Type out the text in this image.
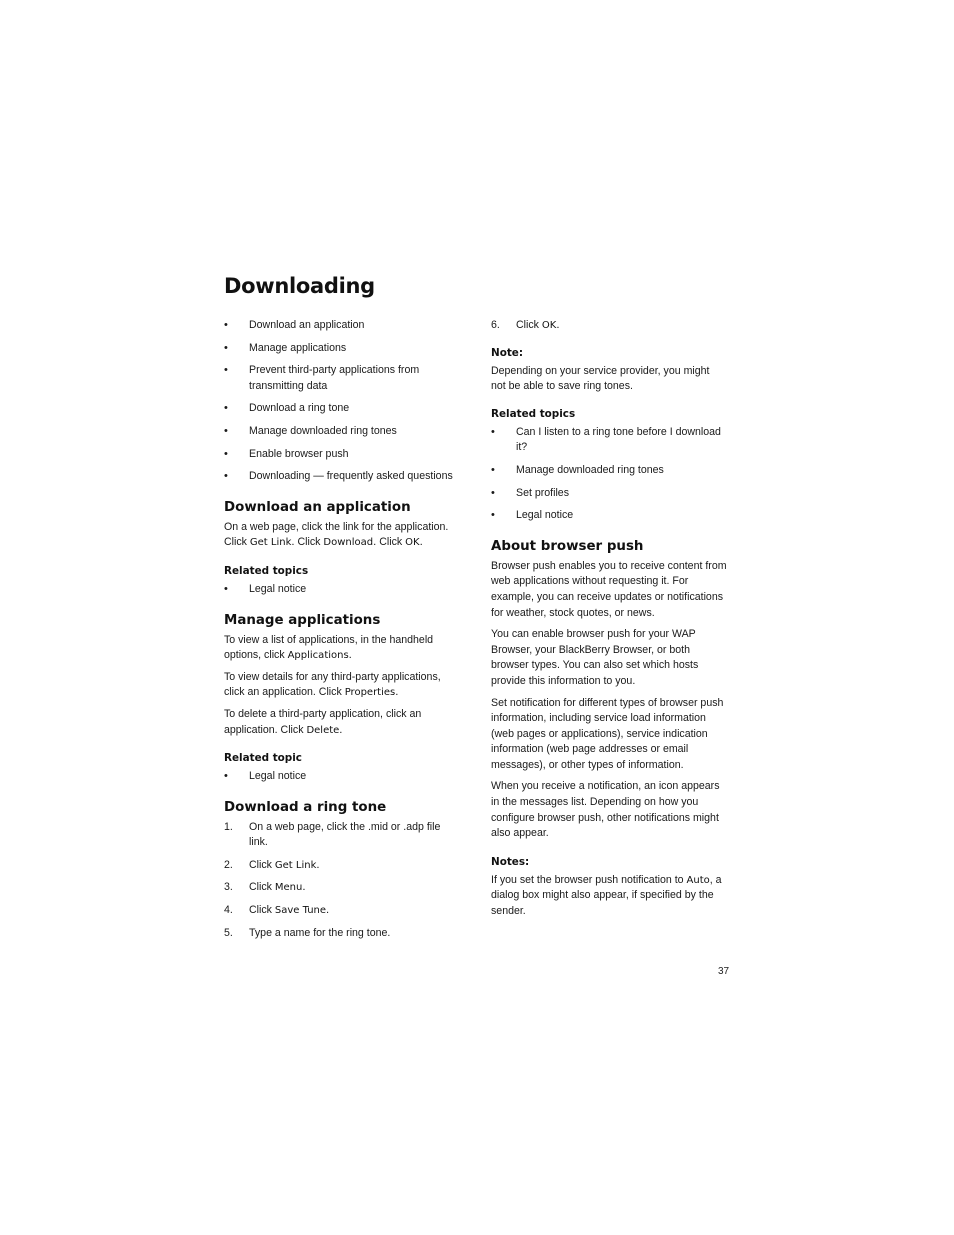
Downloading
•	Download an application
•	Manage applications
•	Prevent third-party applications from transmitting data
•	Download a ring tone
•	Manage downloaded ring tones
•	Enable browser push
•	Downloading — frequently asked questions
Download an application

On a web page, click the link for the application. Click Get Link. Click Download. Click OK.

Related topics
•	Legal notice
Manage applications

To view a list of applications, in the handheld options, click Applications.

To view details for any third-party applications, click an application. Click Properties.

To delete a third-party application, click an application. Click Delete.

Related topic
•	Legal notice
Download a ring tone
1.	On a web page, click the .mid or .adp file link.
2.	Click Get Link.
3.	Click Menu.
4.	Click Save Tune.
5.	Type a name for the ring tone.
6.	Click OK.
Note:

Depending on your service provider, you might not be able to save ring tones.

Related topics
•	Can I listen to a ring tone before I download it?
•	Manage downloaded ring tones
•	Set profiles
•	Legal notice
About browser push

Browser push enables you to receive content from web applications without requesting it. For example, you can receive updates or notifications for weather, stock quotes, or news.

You can enable browser push for your WAP Browser, your BlackBerry Browser, or both browser types. You can also set which hosts provide this information to you.

Set notification for different types of browser push information, including service load information (web pages or applications), service indication information (web page addresses or email messages), or other types of information.

When you receive a notification, an icon appears in the messages list. Depending on how you configure browser push, other notifications might also appear.

Notes:

If you set the browser push notification to Auto, a dialog box might also appear, if specified by the sender.

37
